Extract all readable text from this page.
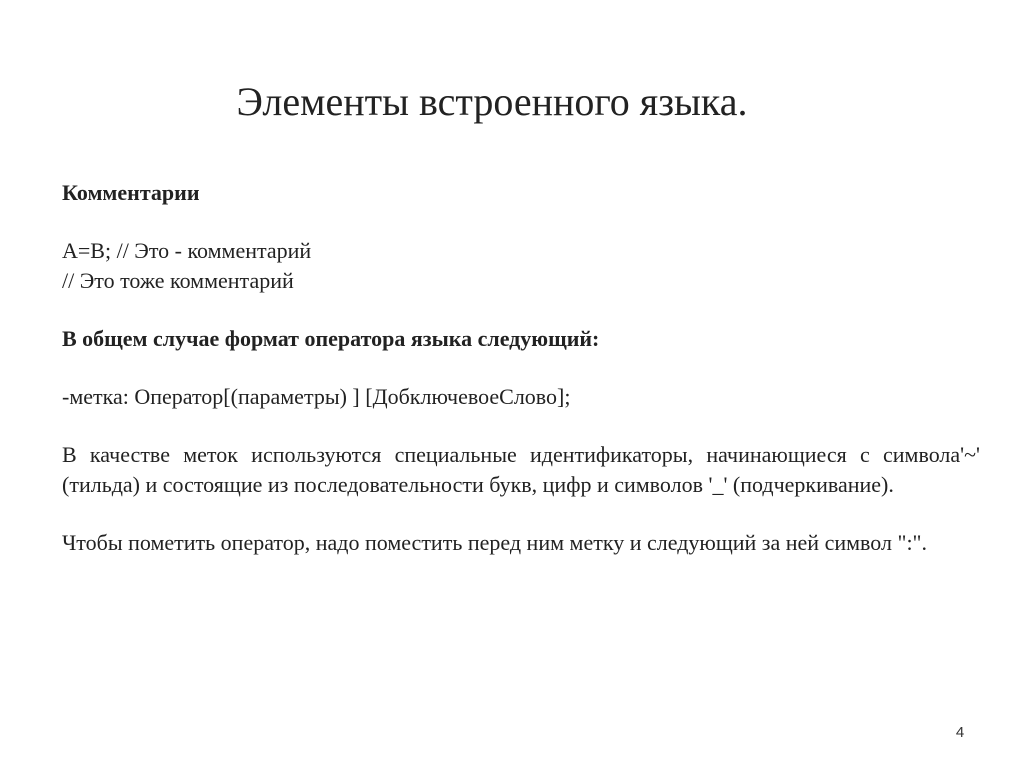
Элементы встроенного языка.

Комментарии

A=B; // Это - комментарий

// Это тоже комментарий

В общем случае формат оператора языка следующий:

-метка: Оператор[(параметры) ] [ДобключевоеСлово];

В качестве меток используются специальные идентификаторы, начинающиеся с символа'~' (тильда) и состоящие из последовательности букв, цифр и символов '_' (подчеркивание).

Чтобы пометить оператор, надо поместить перед ним метку и следующий за ней символ ":".

4
